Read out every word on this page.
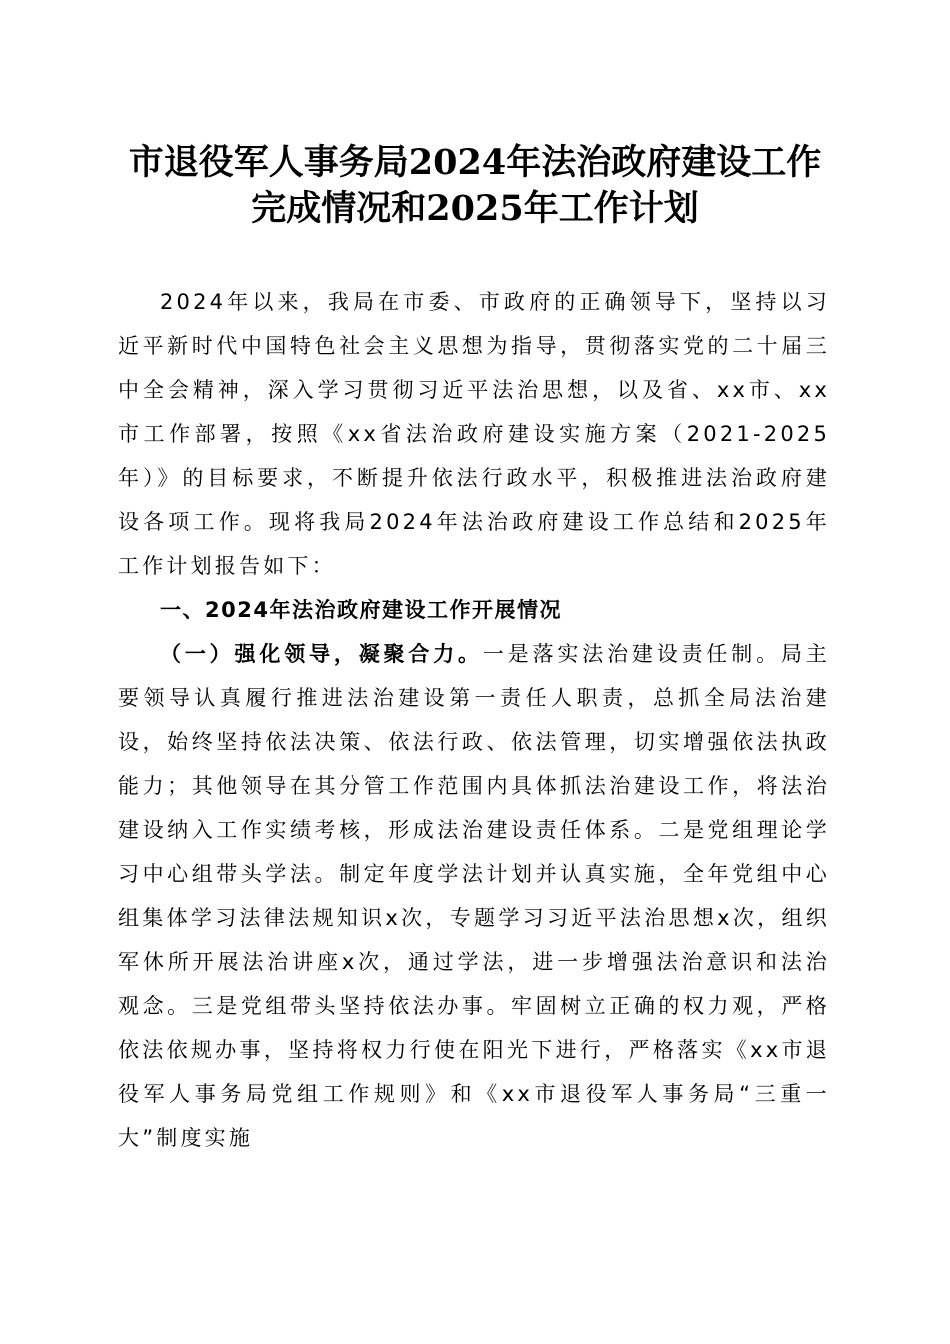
市退役军人事务局2024年法治政府建设工作
完成情况和2025年工作计划

2024年以来，我局在市委、市政府的正确领导下，坚持以习近平新时代中国特色社会主义思想为指导，贯彻落实党的二十届三中全会精神，深入学习贯彻习近平法治思想，以及省、xx市、xx市工作部署，按照《xx省法治政府建设实施方案（2021-2025年）》的目标要求，不断提升依法行政水平，积极推进法治政府建设各项工作。现将我局2024年法治政府建设工作总结和2025年工作计划报告如下：

一、2024年法治政府建设工作开展情况

（一）强化领导，凝聚合力。一是落实法治建设责任制。局主要领导认真履行推进法治建设第一责任人职责，总抓全局法治建设，始终坚持依法决策、依法行政、依法管理，切实增强依法执政能力；其他领导在其分管工作范围内具体抓法治建设工作，将法治建设纳入工作实绩考核，形成法治建设责任体系。二是党组理论学习中心组带头学法。制定年度学法计划并认真实施，全年党组中心组集体学习法律法规知识x次，专题学习习近平法治思想x次，组织军休所开展法治讲座x次，通过学法，进一步增强法治意识和法治观念。三是党组带头坚持依法办事。牢固树立正确的权力观，严格依法依规办事，坚持将权力行使在阳光下进行，严格落实《xx市退役军人事务局党组工作规则》和《xx市退役军人事务局“三重一大”制度实施
